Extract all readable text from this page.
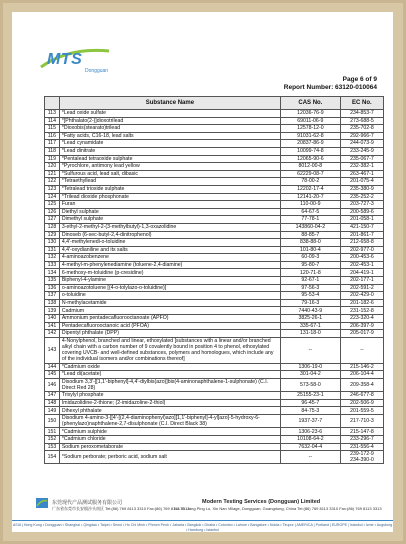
MTS
Dongguan
Page 6 of 9
Report Number: 63120-010064
	Substance Name	CAS No.	EC No.
113	*Lead oxide sulfate	12036-76-9	234-853-7
114	*[Phthalato(2-)]dioxotrilead	69011-06-9	273-688-5
115	*Dioxobis(stearato)trilead	12578-12-0	235-702-8
116	*Fatty acids, C16-18, lead salts	91031-62-8	292-966-7
117	*Lead cynamidate	20837-86-9	244-073-9
118	*Lead dinitrate	10099-74-8	233-245-9
119	*Pentalead tetraoxide sulphate	12065-90-6	235-067-7
120	*Pyrochlore, antimony lead yellow	8012-00-8	232-382-1
121	*Sulfurous acid, lead salt, dibasic	62229-08-7	263-467-1
122	*Tetraethyllead	78-00-2	201-075-4
123	*Tetralead trioxide sulphate	12202-17-4	235-380-9
124	*Trilead dioxide phosphonate	12141-20-7	235-252-2
125	Furan	110-00-9	203-727-3
126	Diethyl sulphate	64-67-5	200-589-6
127	Dimethyl sulphate	77-78-1	201-058-1
128	3-ethyl-2-methyl-2-(3-methylbutyl)-1,3-oxazolidine	143860-04-2	421-150-7
129	Dinoseb (6-sec-butyl-2,4-dinitrophenol)	88-85-7	201-861-7
130	4,4'-methylenedi-o-toluidine	838-88-0	212-658-8
131	4,4'-oxydianiline and its salts	101-80-4	202-977-0
132	4-aminoazobenzene	60-09-3	200-453-6
133	4-methyl-m-phenylenediamine (toluene-2,4-diamine)	95-80-7	202-453-1
134	6-methoxy-m-toluidine (p-cresidine)	120-71-8	204-419-1
135	Biphenyl-4-ylamine	92-67-1	202-177-1
136	o-aminoazotoluene [(4-o-tolylazo-o-toluidine)]	97-56-3	202-591-2
137	o-toluidine	95-53-4	202-429-0
138	N-methylacetamide	79-16-3	201-182-6
139	Cadmium	7440-43-9	231-152-8
140	Ammonium pentadecafluorooctanoate (APFO)	3825-26-1	223-320-4
141	Pentadecafluorooctanoic acid (PFOA)	335-67-1	206-397-9
142	Dipentyl phthalate (DPP)	131-18-0	205-017-9
143	4-Nonylphenol, branched and linear, ethoxylated [substances with a linear and/or branched alkyl chain with a carbon number of 9 covalently bound in position 4 to phenol, ethoxylated covering UVCB- and well-defined substances, polymers and homologues, which include any of the individual isomers and/or combinations thereof]	--	--
144	*Cadmium oxide	1306-19-0	215-146-2
145	*Lead di(acetate)	301-04-2	206-104-4
146	Disodium 3,3'-[[1,1'-biphenyl]-4,4'-diylbis(azo)]bis(4-aminonaphthalene-1-sulphonate) (C.I. Direct Red 28)	573-58-0	209-358-4
147	Trixylyl phosphate	25155-23-1	246-677-8
148	Imidazolidine-2-thione; (2-imidazoline-2-thiol)	96-45-7	202-506-9
149	Dihexyl phthalate	84-75-3	201-559-5
150	Disodium 4-amino-3-[[4'-[(2,4-diaminophenyl)azo][1,1'-biphenyl]-4-yl]azo]-5-hydroxy-6-(phenylazo)naphthalene-2,7-disulphonate (C.I. Direct Black 38)	1937-37-7	217-710-3
151	*Cadmium sulphide	1306-23-6	215-147-8
152	*Cadmium chloride	10108-64-2	233-296-7
153	Sodium peroxometaborate	7632-04-4	231-556-4
154	*Sodium perborate; perboric acid, sodium salt	--	239-172-9
234-390-0
东莞现代产品测试服务有限公司
广东省东莞市长安镇沙头南区 Tel:(86) 769 8113 3310 Fax:(86) 769 8113 3313
Modern Testing Services (Dongguan) Limited
No.75 Liang Ping Lu, Xin Nan Village, Dongguan, Guangdong, China Tel:(86) 769 8113 3310 Fax:(86) 769 8113 3313
ASIA | Hong Kong • Dongguan • Shanghai • Qingdao • Taipei • Seoul • Ho Chi Minh • Phnom Penh • Jakarta • Bangkok • Dhaka • Colombo • Lahore • Bangalore • Noida • Tirupur | AMERICA | Portland | EUROPE | Istanbul • Izmir • Augsburg • Hamburg • Istanbul
